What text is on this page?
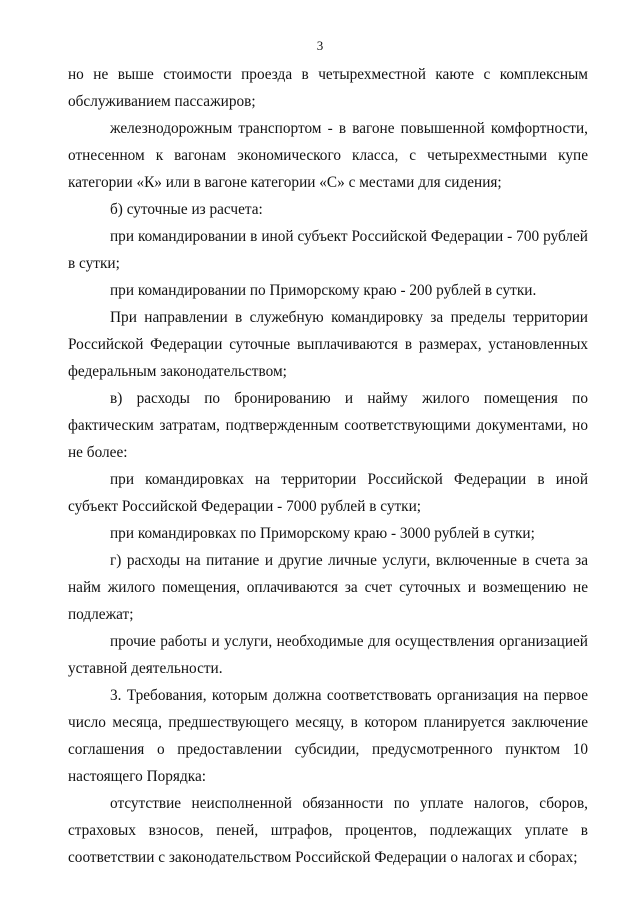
3

но не выше стоимости проезда в четырехместной каюте с комплексным обслуживанием пассажиров;

железнодорожным транспортом - в вагоне повышенной комфортности, отнесенном к вагонам экономического класса, с четырехместными купе категории «К» или в вагоне категории «С» с местами для сидения;

б) суточные из расчета:

при командировании в иной субъект Российской Федерации - 700 рублей в сутки;

при командировании по Приморскому краю - 200 рублей в сутки.

При направлении в служебную командировку за пределы территории Российской Федерации суточные выплачиваются в размерах, установленных федеральным законодательством;

в) расходы по бронированию и найму жилого помещения по фактическим затратам, подтвержденным соответствующими документами, но не более:

при командировках на территории Российской Федерации в иной субъект Российской Федерации - 7000 рублей в сутки;

при командировках по Приморскому краю - 3000 рублей в сутки;

г) расходы на питание и другие личные услуги, включенные в счета за найм жилого помещения, оплачиваются за счет суточных и возмещению не подлежат;

прочие работы и услуги, необходимые для осуществления организацией уставной деятельности.

3. Требования, которым должна соответствовать организация на первое число месяца, предшествующего месяцу, в котором планируется заключение соглашения о предоставлении субсидии, предусмотренного пунктом 10 настоящего Порядка:

отсутствие неисполненной обязанности по уплате налогов, сборов, страховых взносов, пеней, штрафов, процентов, подлежащих уплате в соответствии с законодательством Российской Федерации о налогах и сборах;
